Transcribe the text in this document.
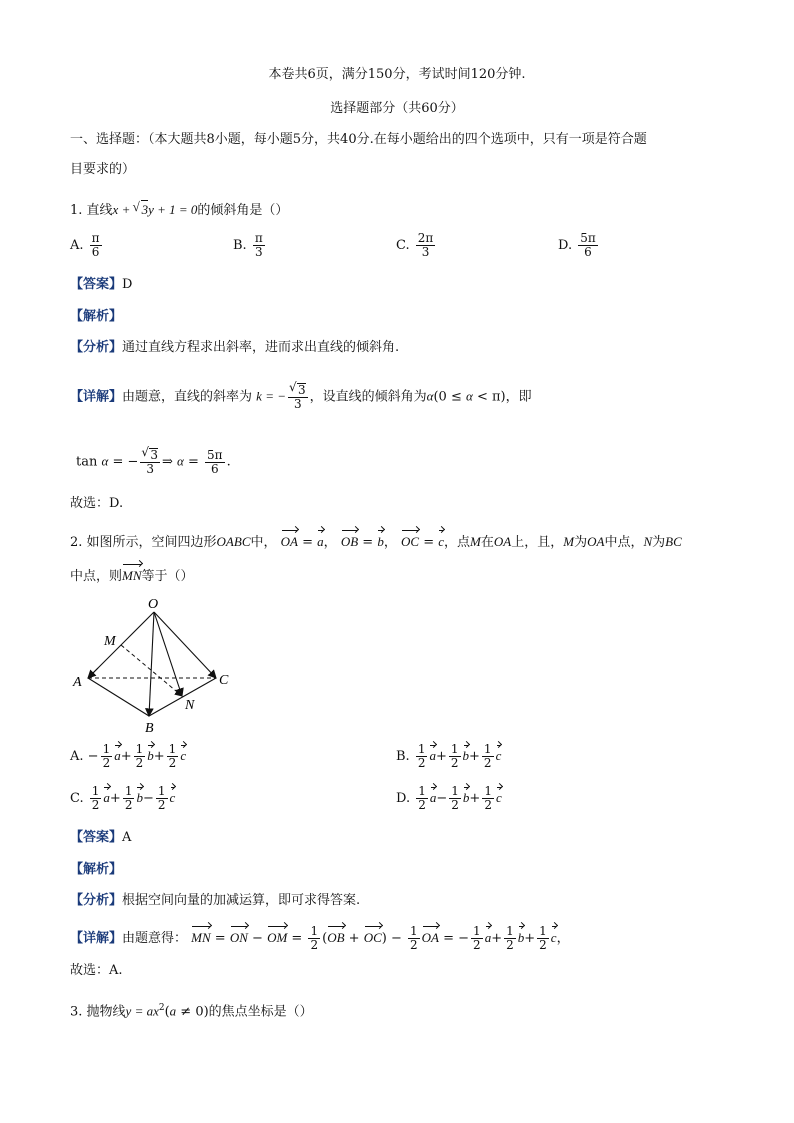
本卷共6页，满分150分，考试时间120分钟.
选择题部分（共60分）
一、选择题：（本大题共8小题，每小题5分，共40分.在每小题给出的四个选项中，只有一项是符合题
目要求的）
1. 直线x + √ 3y + 1 = 0的倾斜角是（）
A. $\frac{\pi}{6}$	B. $\frac{\pi}{3}$	C. $\frac{2\pi}{3}$	D. $\frac{5\pi}{6}$
【答案】D
【解析】
【分析】通过直线方程求出斜率，进而求出直线的倾斜角.
【详解】由题意，直线的斜率为 k = − √ $\frac{3}{3}$ ，设直线的倾斜角为α(0 ≤ α < π)，即
tan α = − √ $\frac{3}{3}$ ⇒ $\alpha = \frac{5\pi}{6}$ .
故选：D.
2. 如图所示，空间四边形OABC中， OA = a， OB = b， OC = c，点M在OA上，且，M为OA中点，N为BC
中点，则MN等于（）
O
M
A	C
N
B
A. − $\frac{1}{2} a+ \frac{1}{2} b+ \frac{1}{2}$ c	B. $\frac{1}{2} a+ \frac{1}{2} b+ \frac{1}{2}$ c
C. $\frac{1}{2} a+ \frac{1}{2} b- \frac{1}{2}$ c	D. $\frac{1}{2} a- \frac{1}{2} b+ \frac{1}{2}$ c
【答案】A
【解析】
【分析】根据空间向量的加减运算，即可求得答案.
【详解】由题意得： MN = ON − OM = $\frac{1}{2} (OB + OC) - \frac{1}{2}$ OA = − $\frac{1}{2} a+ \frac{1}{2} b+ \frac{1}{2}$ c，
故选：A.
3. 抛物线$y = ax^2(a \ne 0)$的焦点坐标是（）
